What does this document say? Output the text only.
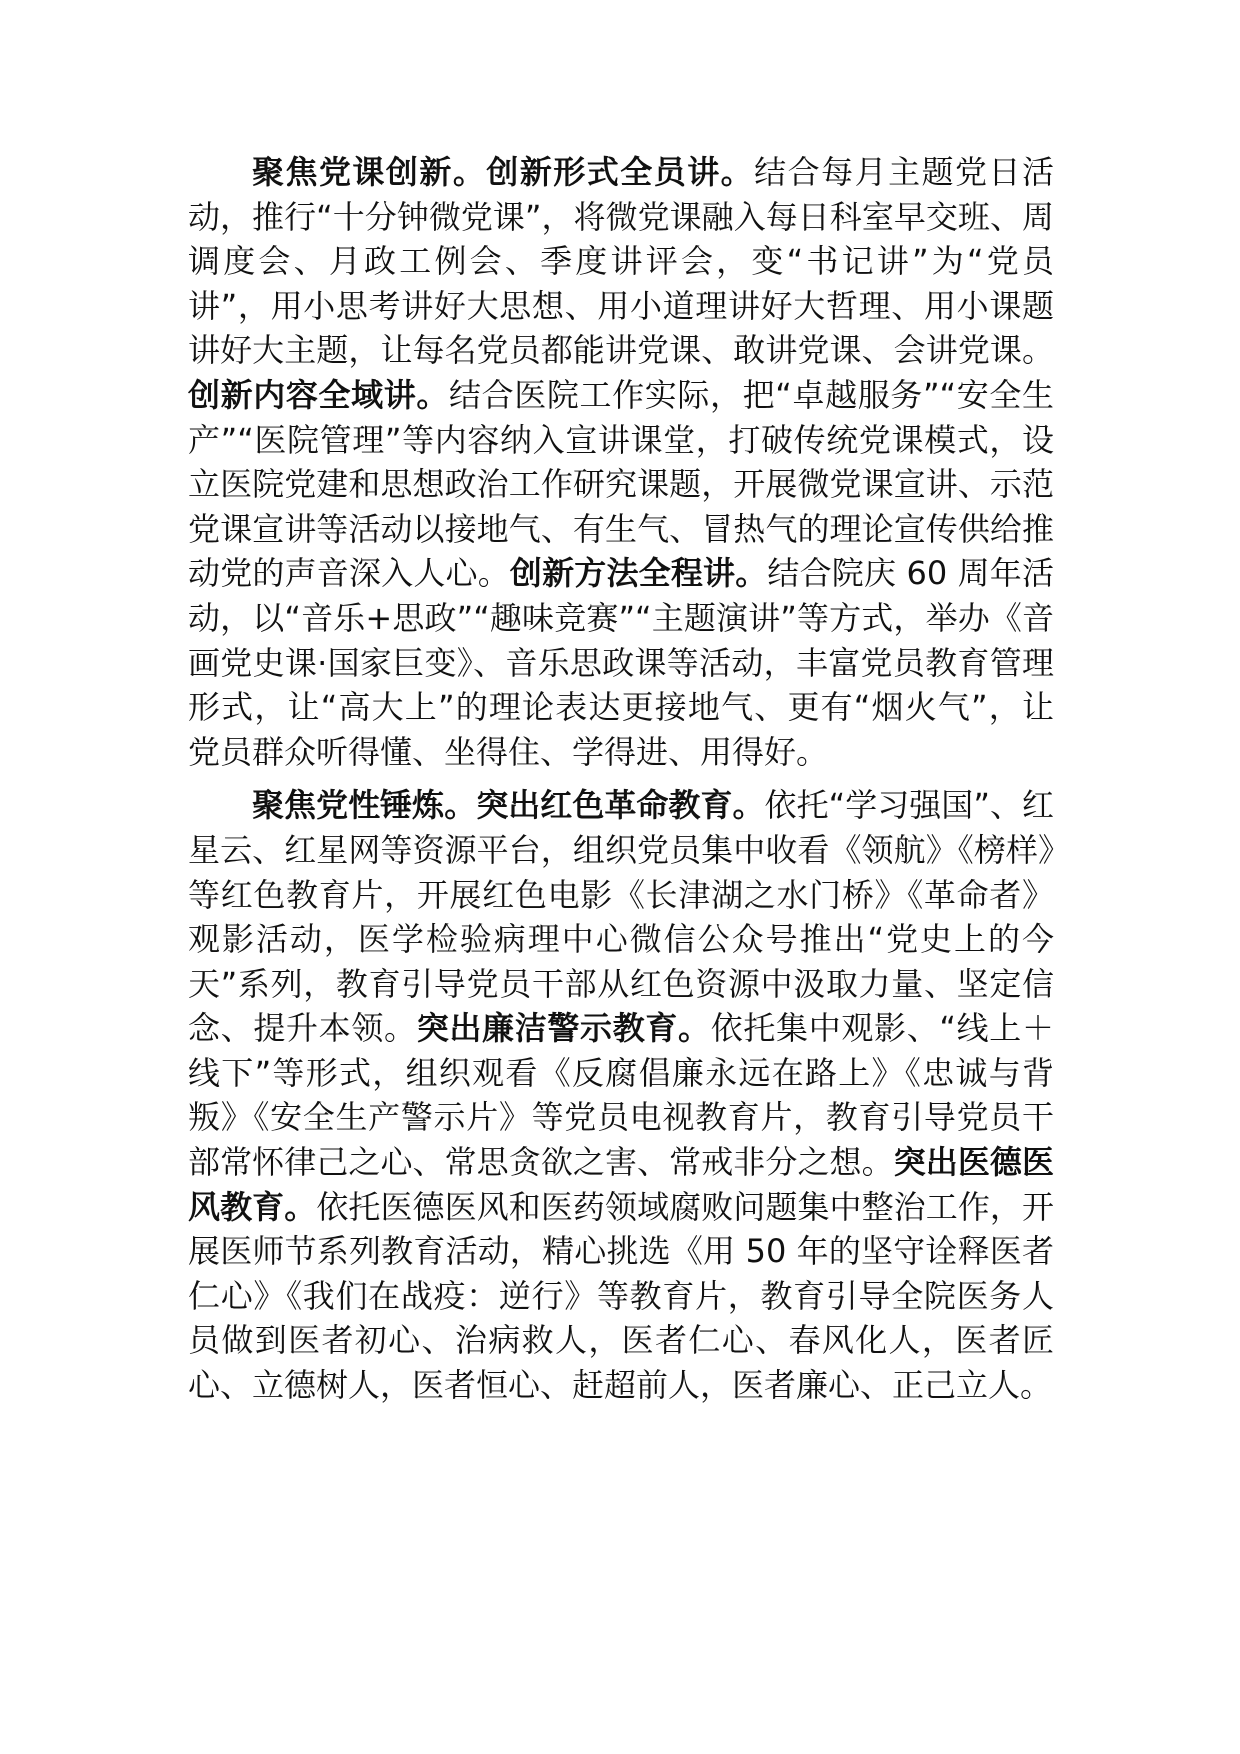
聚焦党课创新。创新形式全员讲。结合每月主题党日活动，推行“十分钟微党课”，将微党课融入每日科室早交班、周调度会、月政工例会、季度讲评会，变“书记讲”为“党员讲”，用小思考讲好大思想、用小道理讲好大哲理、用小课题讲好大主题，让每名党员都能讲党课、敢讲党课、会讲党课。创新内容全域讲。结合医院工作实际，把“卓越服务”“安全生产”“医院管理”等内容纳入宣讲课堂，打破传统党课模式，设立医院党建和思想政治工作研究课题，开展微党课宣讲、示范党课宣讲等活动以接地气、有生气、冒热气的理论宣传供给推动党的声音深入人心。创新方法全程讲。结合院庆 60 周年活动，以“音乐+思政”“趣味竞赛”“主题演讲”等方式，举办《音画党史课·国家巨变》、音乐思政课等活动，丰富党员教育管理形式，让“高大上”的理论表达更接地气、更有“烟火气”，让党员群众听得懂、坐得住、学得进、用得好。

聚焦党性锤炼。突出红色革命教育。依托“学习强国”、红星云、红星网等资源平台，组织党员集中收看《领航》《榜样》等红色教育片，开展红色电影《长津湖之水门桥》《革命者》观影活动，医学检验病理中心微信公众号推出“党史上的今天”系列，教育引导党员干部从红色资源中汲取力量、坚定信念、提升本领。突出廉洁警示教育。依托集中观影、“线上＋线下”等形式，组织观看《反腐倡廉永远在路上》《忠诚与背叛》《安全生产警示片》等党员电视教育片，教育引导党员干部常怀律己之心、常思贪欲之害、常戒非分之想。突出医德医风教育。依托医德医风和医药领域腐败问题集中整治工作，开展医师节系列教育活动，精心挑选《用 50 年的坚守诠释医者仁心》《我们在战疫：逆行》等教育片，教育引导全院医务人员做到医者初心、治病救人，医者仁心、春风化人，医者匠心、立德树人，医者恒心、赶超前人，医者廉心、正己立人。
